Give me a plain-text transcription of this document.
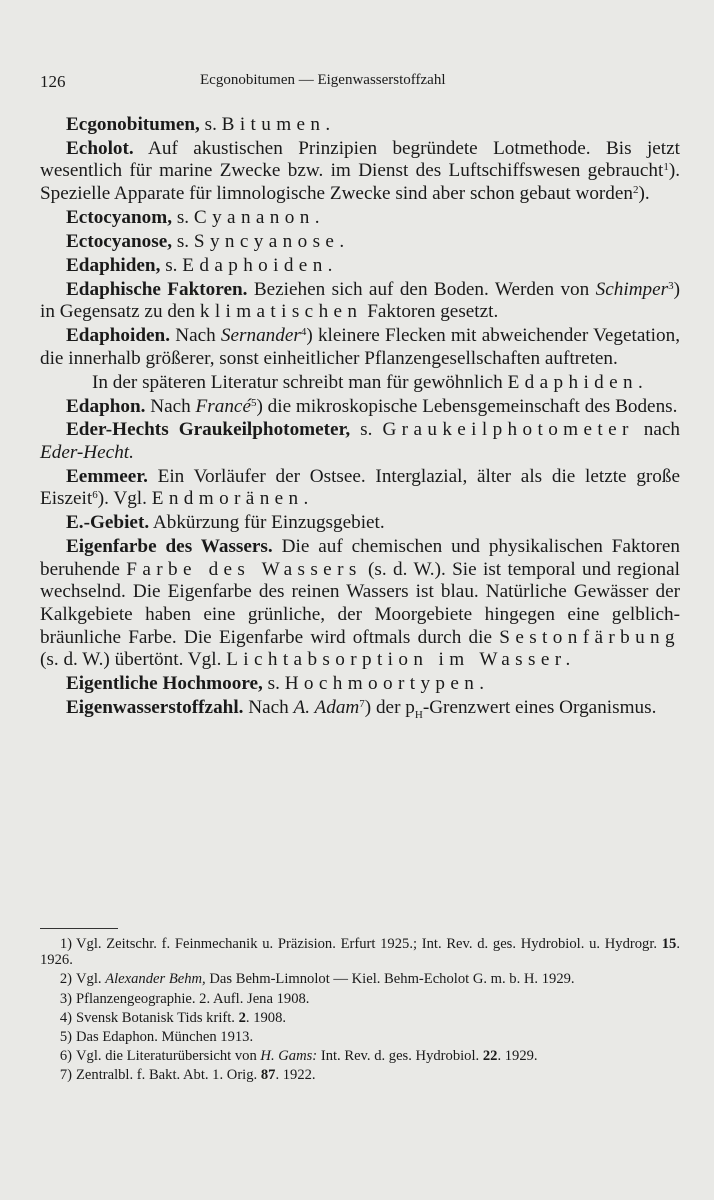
126	Ecgonobitumen — Eigenwasserstoffzahl

Ecgonobitumen, s. Bitumen.

Echolot. Auf akustischen Prinzipien begründete Lotmethode. Bis jetzt wesentlich für marine Zwecke bzw. im Dienst des Luftschiffswesen gebraucht$^1$). Spezielle Apparate für limnologische Zwecke sind aber schon gebaut worden$^2$).

Ectocyanom, s. Cyananon.

Ectocyanose, s. Syncyanose.

Edaphiden, s. Edaphoiden.

Edaphische Faktoren. Beziehen sich auf den Boden. Werden von Schimper$^3$) in Gegensatz zu den klimatischen Faktoren gesetzt.

Edaphoiden. Nach Sernander$^4$) kleinere Flecken mit abweichender Vegetation, die innerhalb größerer, sonst einheitlicher Pflanzengesellschaften auftreten.

In der späteren Literatur schreibt man für gewöhnlich Edaphiden.

Edaphon. Nach Francé$^5$) die mikroskopische Lebensgemeinschaft des Bodens.

Eder-Hechts Graukeilphotometer, s. Graukeilphotometer nach Eder-Hecht.

Eemmeer. Ein Vorläufer der Ostsee. Interglazial, älter als die letzte große Eiszeit$^6$). Vgl. Endmoränen.

E.-Gebiet. Abkürzung für Einzugsgebiet.

Eigenfarbe des Wassers. Die auf chemischen und physikalischen Faktoren beruhende Farbe des Wassers (s. d. W.). Sie ist temporal und regional wechselnd. Die Eigenfarbe des reinen Wassers ist blau. Natürliche Gewässer der Kalkgebiete haben eine grünliche, der Moorgebiete hingegen eine gelblich-bräunliche Farbe. Die Eigenfarbe wird oftmals durch die Sestonfärbung (s. d. W.) übertönt. Vgl. Lichtabsorption im Wasser.

Eigentliche Hochmoore, s. Hochmoortypen.

Eigenwasserstoffzahl. Nach A. Adam$^7$) der $p_H$-Grenzwert eines Organismus.

1) Vgl. Zeitschr. f. Feinmechanik u. Präzision. Erfurt 1925.; Int. Rev. d. ges. Hydrobiol. u. Hydrogr. 15. 1926.

2) Vgl. Alexander Behm, Das Behm-Limnolot — Kiel. Behm-Echolot G. m. b. H. 1929.

3) Pflanzengeographie. 2. Aufl. Jena 1908.

4) Svensk Botanisk Tids krift. 2. 1908.

5) Das Edaphon. München 1913.

6) Vgl. die Literaturübersicht von H. Gams: Int. Rev. d. ges. Hydrobiol. 22. 1929.

7) Zentralbl. f. Bakt. Abt. 1. Orig. 87. 1922.
